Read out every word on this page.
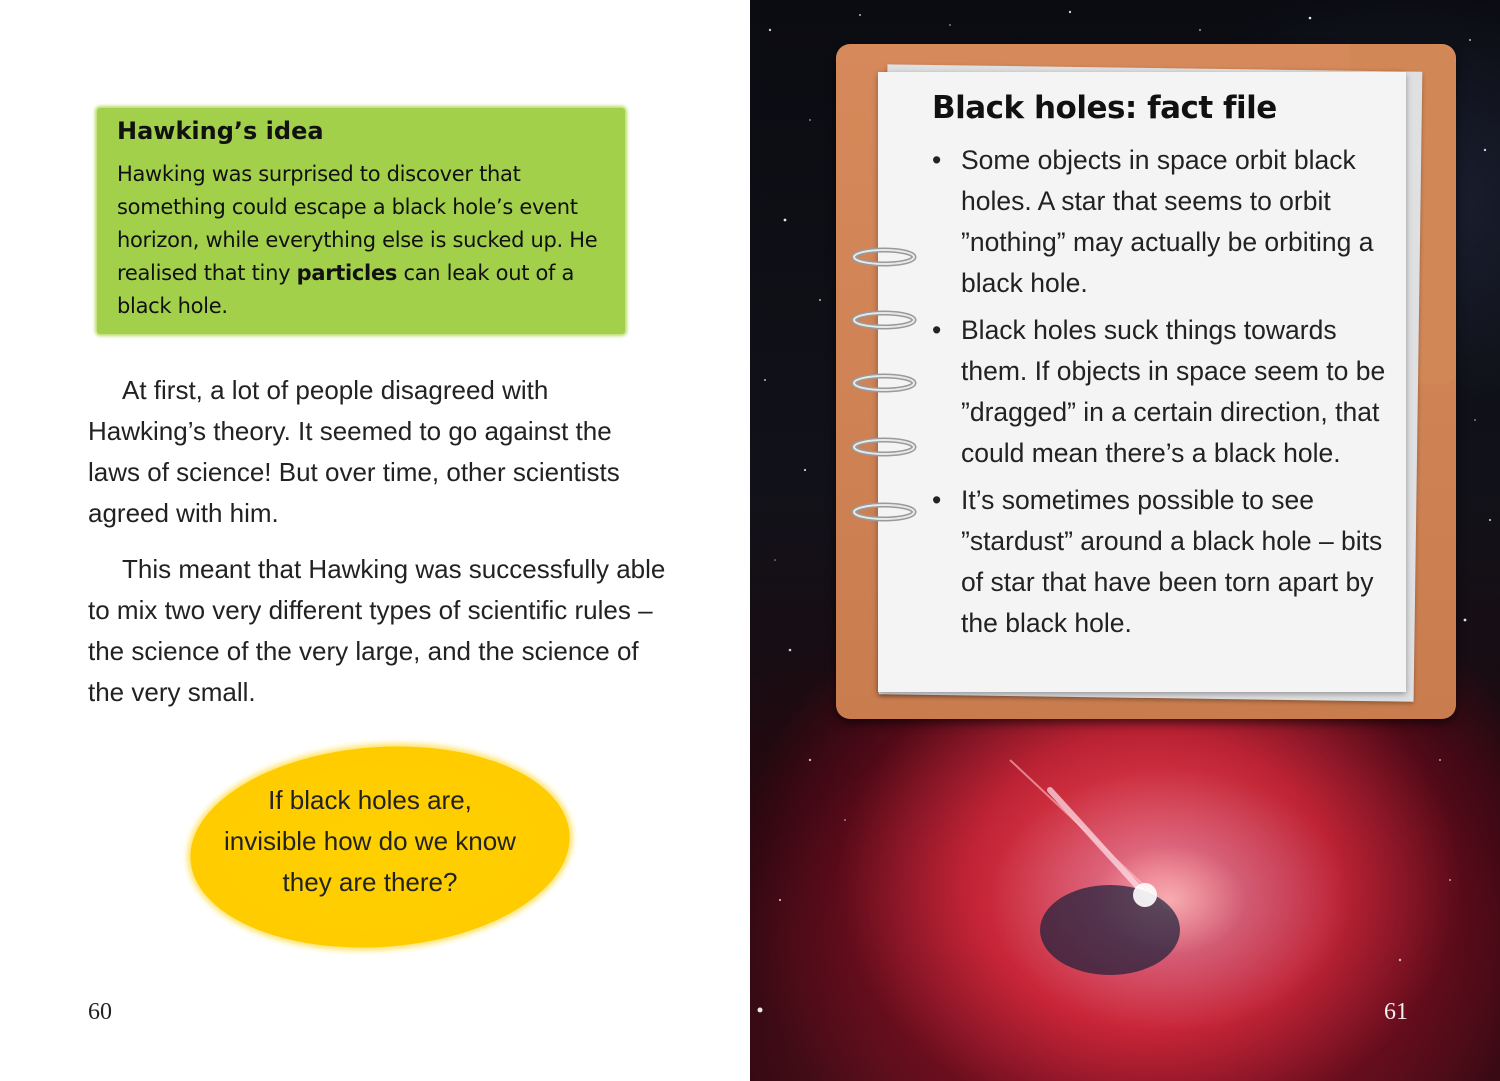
Hawking’s idea
Hawking was surprised to discover that something could escape a black hole’s event horizon, while everything else is sucked up. He realised that tiny particles can leak out of a black hole.
At first, a lot of people disagreed with Hawking’s theory. It seemed to go against the laws of science! But over time, other scientists agreed with him.
This meant that Hawking was successfully able to mix two very different types of scientific rules – the science of the very large, and the science of the very small.
If black holes are,
invisible how do we know
they are there?
60
Black holes: fact file
• Some objects in space orbit black holes. A star that seems to orbit ”nothing” may actually be orbiting a black hole.
• Black holes suck things towards them. If objects in space seem to be ”dragged” in a certain direction, that could mean there’s a black hole.
• It’s sometimes possible to see ”stardust” around a black hole – bits of star that have been torn apart by the black hole.
61
